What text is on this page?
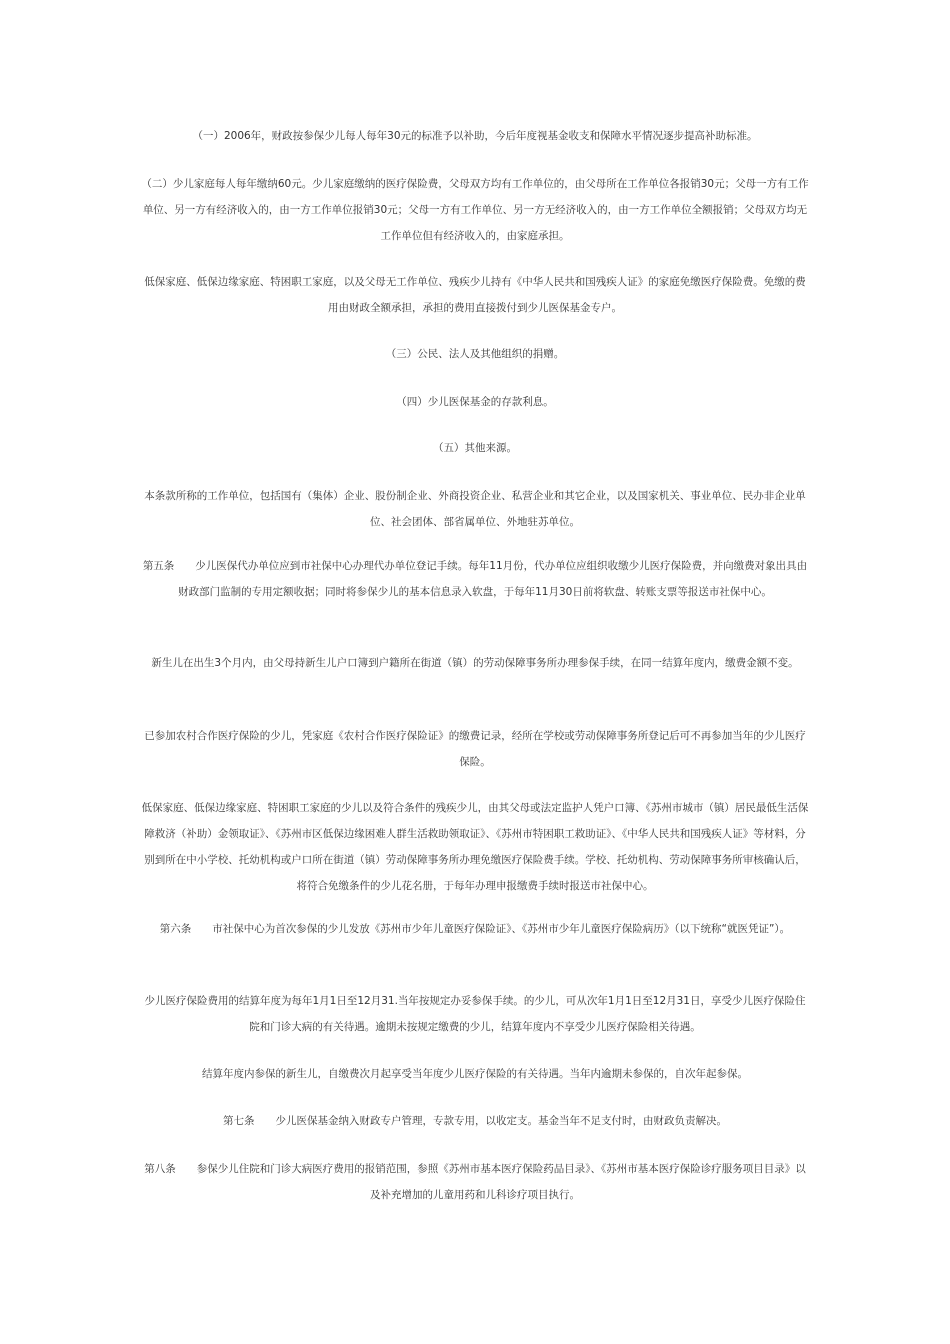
（一）2006年，财政按参保少儿每人每年30元的标准予以补助，今后年度视基金收支和保障水平情况逐步提高补助标准。

（二）少儿家庭每人每年缴纳60元。少儿家庭缴纳的医疗保险费，父母双方均有工作单位的，由父母所在工作单位各报销30元；父母一方有工作单位、另一方有经济收入的，由一方工作单位报销30元；父母一方有工作单位、另一方无经济收入的，由一方工作单位全额报销；父母双方均无工作单位但有经济收入的，由家庭承担。

低保家庭、低保边缘家庭、特困职工家庭，以及父母无工作单位、残疾少儿持有《中华人民共和国残疾人证》的家庭免缴医疗保险费。免缴的费用由财政全额承担，承担的费用直接拨付到少儿医保基金专户。

（三）公民、法人及其他组织的捐赠。

（四）少儿医保基金的存款利息。

（五）其他来源。

本条款所称的工作单位，包括国有（集体）企业、股份制企业、外商投资企业、私营企业和其它企业，以及国家机关、事业单位、民办非企业单位、社会团体、部省属单位、外地驻苏单位。

第五条　　少儿医保代办单位应到市社保中心办理代办单位登记手续。每年11月份，代办单位应组织收缴少儿医疗保险费，并向缴费对象出具由财政部门监制的专用定额收据；同时将参保少儿的基本信息录入软盘，于每年11月30日前将软盘、转账支票等报送市社保中心。

新生儿在出生3个月内，由父母持新生儿户口簿到户籍所在街道（镇）的劳动保障事务所办理参保手续，在同一结算年度内，缴费金额不变。

已参加农村合作医疗保险的少儿，凭家庭《农村合作医疗保险证》的缴费记录，经所在学校或劳动保障事务所登记后可不再参加当年的少儿医疗保险。

低保家庭、低保边缘家庭、特困职工家庭的少儿以及符合条件的残疾少儿，由其父母或法定监护人凭户口簿、《苏州市城市（镇）居民最低生活保障救济（补助）金领取证》、《苏州市区低保边缘困难人群生活救助领取证》、《苏州市特困职工救助证》、《中华人民共和国残疾人证》等材料，分别到所在中小学校、托幼机构或户口所在街道（镇）劳动保障事务所办理免缴医疗保险费手续。学校、托幼机构、劳动保障事务所审核确认后，将符合免缴条件的少儿花名册，于每年办理申报缴费手续时报送市社保中心。

第六条　　市社保中心为首次参保的少儿发放《苏州市少年儿童医疗保险证》、《苏州市少年儿童医疗保险病历》（以下统称“就医凭证”）。

少儿医疗保险费用的结算年度为每年1月1日至12月31.当年按规定办妥参保手续。的少儿，可从次年1月1日至12月31日，享受少儿医疗保险住院和门诊大病的有关待遇。逾期未按规定缴费的少儿，结算年度内不享受少儿医疗保险相关待遇。

结算年度内参保的新生儿，自缴费次月起享受当年度少儿医疗保险的有关待遇。当年内逾期未参保的，自次年起参保。

第七条　　少儿医保基金纳入财政专户管理，专款专用，以收定支。基金当年不足支付时，由财政负责解决。

第八条　　参保少儿住院和门诊大病医疗费用的报销范围，参照《苏州市基本医疗保险药品目录》、《苏州市基本医疗保险诊疗服务项目目录》以及补充增加的儿童用药和儿科诊疗项目执行。
